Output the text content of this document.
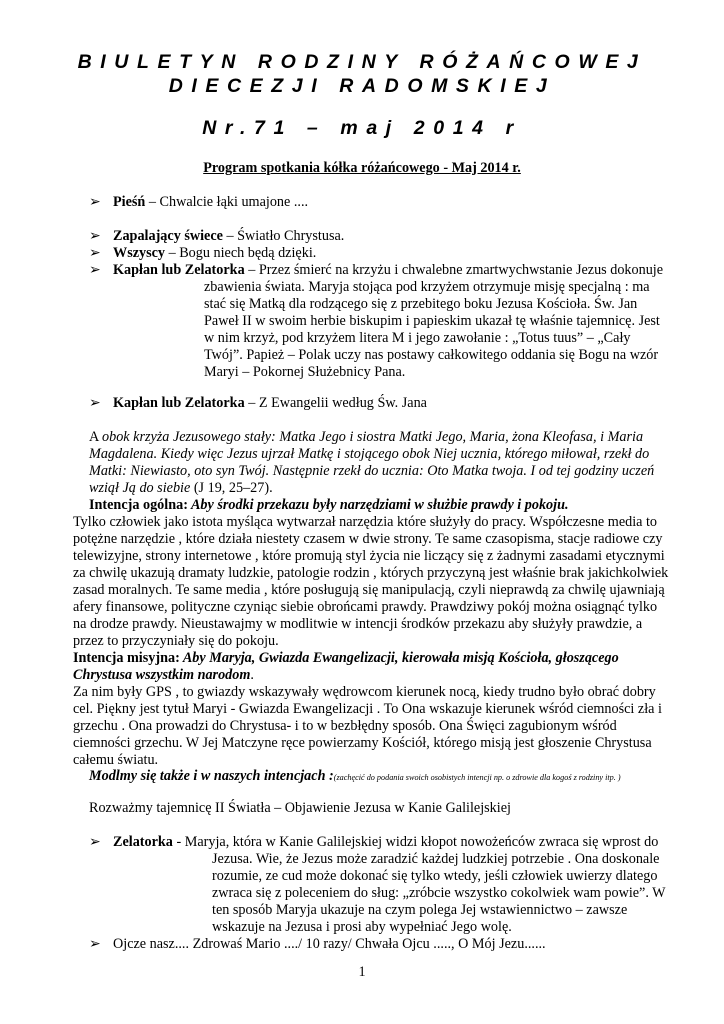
BIULETYN RODZINY RÓŻAŃCOWEJ
DIECEZJI RADOMSKIEJ
Nr.71 – maj 2014 r
Program spotkania kółka różańcowego - Maj 2014 r.
➢ Pieśń – Chwalcie łąki umajone ....
➢ Zapalający świece – Światło Chrystusa.
➢ Wszyscy – Bogu niech będą dzięki.
➢ Kapłan lub Zelatorka – Przez śmierć na krzyżu i chwalebne zmartwychwstanie Jezus dokonuje
zbawienia świata. Maryja stojąca pod krzyżem otrzymuje misję specjalną : ma
stać się Matką dla rodzącego się z przebitego boku Jezusa Kościoła. Św. Jan
Paweł II w swoim herbie biskupim i papieskim ukazał tę właśnie tajemnicę. Jest
w nim krzyż, pod krzyżem litera M i jego zawołanie : „Totus tuus” – „Cały
Twój”. Papież – Polak uczy nas postawy całkowitego oddania się Bogu na wzór
Maryi – Pokornej Służebnicy Pana.
➢ Kapłan lub Zelatorka – Z Ewangelii według Św. Jana
A obok krzyża Jezusowego stały: Matka Jego i siostra Matki Jego, Maria, żona Kleofasa, i Maria
Magdalena. Kiedy więc Jezus ujrzał Matkę i stojącego obok Niej ucznia, którego miłował, rzekł do
Matki: Niewiasto, oto syn Twój. Następnie rzekł do ucznia: Oto Matka twoja. I od tej godziny uczeń
wziął Ją do siebie (J 19, 25–27).
Intencja ogólna: Aby środki przekazu były narzędziami w służbie prawdy i pokoju.
Tylko człowiek jako istota myśląca wytwarzał narzędzia które służyły do pracy. Współczesne media to
potężne narzędzie , które działa niestety czasem w dwie strony. Te same czasopisma, stacje radiowe czy
telewizyjne, strony internetowe , które promują styl życia nie liczący się z żadnymi zasadami etycznymi
za chwilę ukazują dramaty ludzkie, patologie rodzin , których przyczyną jest właśnie brak jakichkolwiek
zasad moralnych. Te same media , które posługują się manipulacją, czyli nieprawdą za chwilę ujawniają
afery finansowe, polityczne czyniąc siebie obrońcami prawdy. Prawdziwy pokój można osiągnąć tylko
na drodze prawdy. Nieustawajmy w modlitwie w intencji środków przekazu aby służyły prawdzie, a
przez to przyczyniały się do pokoju.
Intencja misyjna: Aby Maryja, Gwiazda Ewangelizacji, kierowała misją Kościoła, głoszącego
Chrystusa wszystkim narodom.
Za nim były GPS , to gwiazdy wskazywały wędrowcom kierunek nocą, kiedy trudno było obrać dobry
cel. Piękny jest tytuł Maryi - Gwiazda Ewangelizacji . To Ona wskazuje kierunek wśród ciemności zła i
grzechu . Ona prowadzi do Chrystusa- i to w bezbłędny sposób. Ona Święci zagubionym wśród
ciemności grzechu. W Jej Matczyne ręce powierzamy Kościół, którego misją jest głoszenie Chrystusa
całemu światu.
Modlmy się także i w naszych intencjach :(zachęcić do podania swoich osobistych intencji np. o zdrowie dla kogoś z rodziny itp. )
Rozważmy tajemnicę II Światła – Objawienie Jezusa w Kanie Galilejskiej
➢ Zelatorka - Maryja, która w Kanie Galilejskiej widzi kłopot nowożeńców zwraca się wprost do
Jezusa. Wie, że Jezus może zaradzić każdej ludzkiej potrzebie . Ona doskonale
rozumie, ze cud może dokonać się tylko wtedy, jeśli człowiek uwierzy dlatego
zwraca się z poleceniem do sług: „zróbcie wszystko cokolwiek wam powie”. W
ten sposób Maryja ukazuje na czym polega Jej wstawiennictwo – zawsze
wskazuje na Jezusa i prosi aby wypełniać Jego wolę.
➢ Ojcze nasz.... Zdrowaś Mario ..../ 10 razy/ Chwała Ojcu ....., O Mój Jezu......
1
